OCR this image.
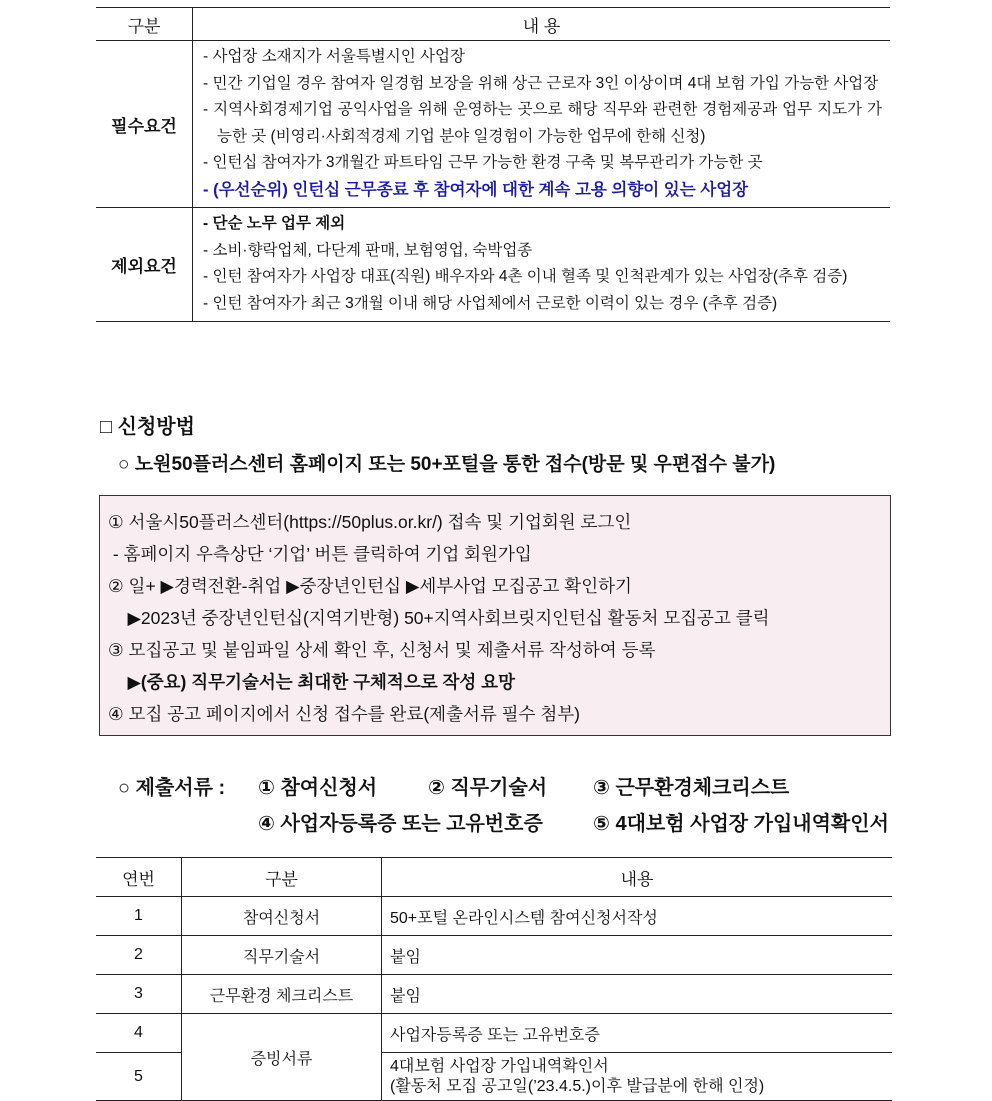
구분	내 용
필수요건	- 사업장 소재지가 서울특별시인 사업장
- 민간 기업일 경우 참여자 일경험 보장을 위해 상근 근로자 3인 이상이며 4대 보험 가입 가능한 사업장
- 지역사회경제기업 공익사업을 위해 운영하는 곳으로 해당 직무와 관련한 경험제공과 업무 지도가 가능한 곳 (비영리·사회적경제 기업 분야 일경험이 가능한 업무에 한해 신청)
- 인턴십 참여자가 3개월간 파트타임 근무 가능한 환경 구축 및 복무관리가 가능한 곳
- (우선순위) 인턴십 근무종료 후 참여자에 대한 계속 고용 의향이 있는 사업장

제외요건	- 단순 노무 업무 제외
- 소비·향락업체, 다단계 판매, 보험영업, 숙박업종
- 인턴 참여자가 사업장 대표(직원) 배우자와 4촌 이내 혈족 및 인척관계가 있는 사업장(추후 검증)
- 인턴 참여자가 최근 3개월 이내 해당 사업체에서 근로한 이력이 있는 경우 (추후 검증)
□ 신청방법
○ 노원50플러스센터 홈페이지 또는 50+포털을 통한 접수(방문 및 우편접수 불가)
① 서울시50플러스센터(https://50plus.or.kr/) 접속 및 기업회원 로그인
- 홈페이지 우측상단 ‘기업’ 버튼 클릭하여 기업 회원가입
② 일+ ▶경력전환-취업 ▶중장년인턴십 ▶세부사업 모집공고 확인하기
▶2023년 중장년인턴십(지역기반형) 50+지역사회브릿지인턴십 활동처 모집공고 클릭
③ 모집공고 및 붙임파일 상세 확인 후, 신청서 및 제출서류 작성하여 등록
▶(중요) 직무기술서는 최대한 구체적으로 작성 요망
④ 모집 공고 페이지에서 신청 접수를 완료(제출서류 필수 첨부)
○ 제출서류 : ① 참여신청서	② 직무기술서 ③ 근무환경체크리스트
④ 사업자등록증 또는 고유번호증	⑤ 4대보험 사업장 가입내역확인서
연번	구분	내용
1	참여신청서	50+포털 온라인시스템 참여신청서작성
2	직무기술서	붙임
3	근무환경 체크리스트	붙임
4	증빙서류	사업자등록증 또는 고유번호증
5		4대보험 사업장 가입내역확인서
(활동처 모집 공고일(’23.4.5.)이후 발급분에 한해 인정)
